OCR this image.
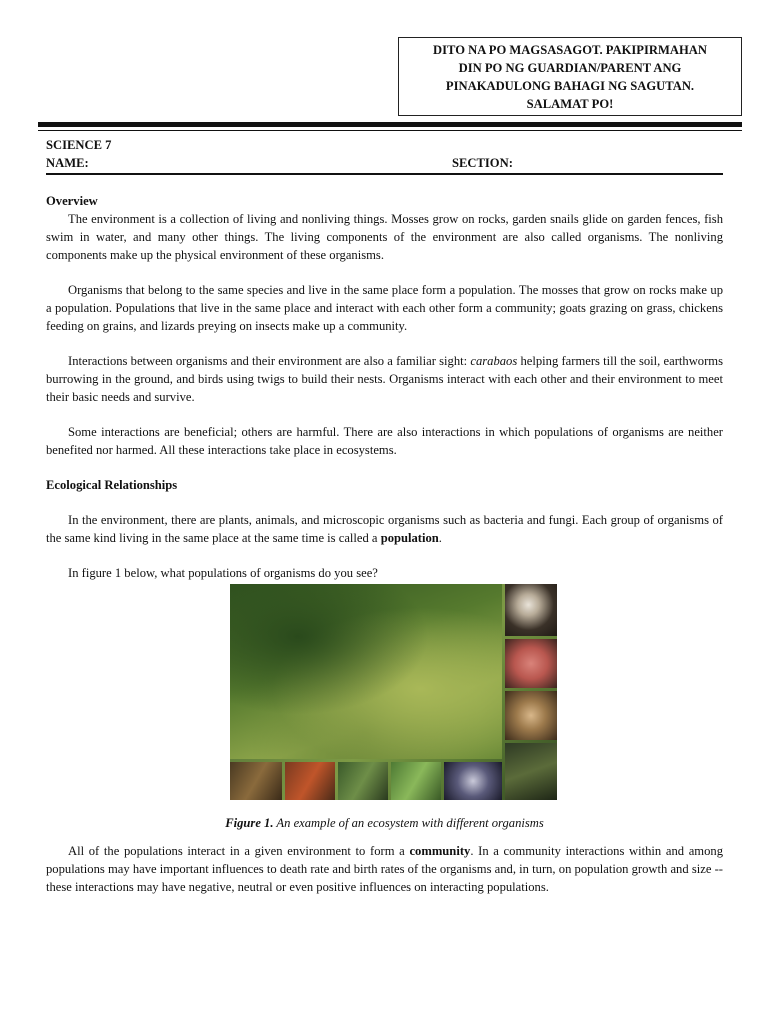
DITO NA PO MAGSASAGOT. PAKIPIRMAHAN
DIN PO NG GUARDIAN/PARENT ANG
PINAKADULONG BAHAGI NG SAGUTAN.
SALAMAT PO!
SCIENCE 7
NAME:	SECTION:
Overview

The environment is a collection of living and nonliving things. Mosses grow on rocks, garden snails glide on garden fences, fish swim in water, and many other things. The living components of the environment are also called organisms. The nonliving components make up the physical environment of these organisms.

Organisms that belong to the same species and live in the same place form a population. The mosses that grow on rocks make up a population. Populations that live in the same place and interact with each other form a community; goats grazing on grass, chickens feeding on grains, and lizards preying on insects make up a community.

Interactions between organisms and their environment are also a familiar sight: carabaos helping farmers till the soil, earthworms burrowing in the ground, and birds using twigs to build their nests. Organisms interact with each other and their environment to meet their basic needs and survive.

Some interactions are beneficial; others are harmful. There are also interactions in which populations of organisms are neither benefited nor harmed. All these interactions take place in ecosystems.

Ecological Relationships

In the environment, there are plants, animals, and microscopic organisms such as bacteria and fungi. Each group of organisms of the same kind living in the same place at the same time is called a population.

In figure 1 below, what populations of organisms do you see?

Figure 1. An example of an ecosystem with different organisms

All of the populations interact in a given environment to form a community. In a community interactions within and among populations may have important influences to death rate and birth rates of the organisms and, in turn, on population growth and size -- these interactions may have negative, neutral or even positive influences on interacting populations.
